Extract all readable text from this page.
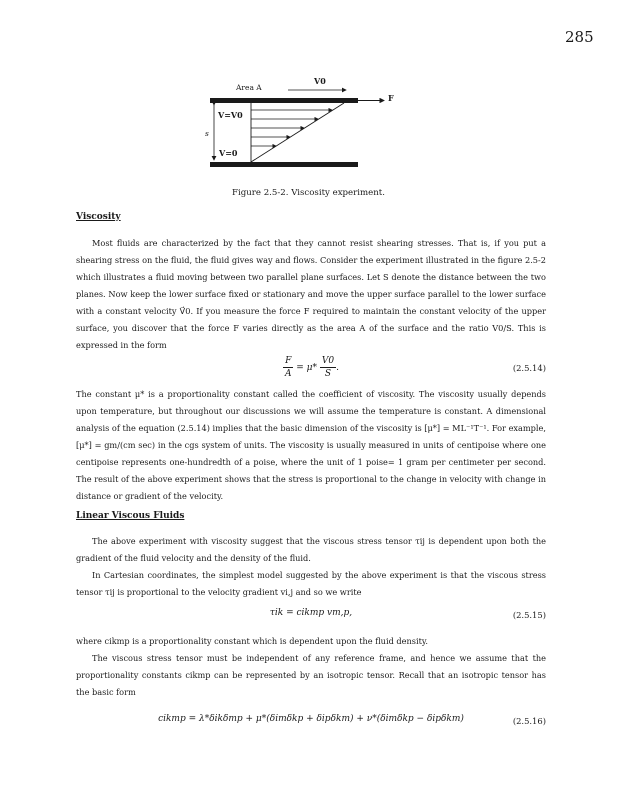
285
Area A
V0
F
V=V0
s
V=0
Figure 2.5-2. Viscosity experiment.
Viscosity
Most fluids are characterized by the fact that they cannot resist shearing stresses. That is, if you put a shearing stress on the fluid, the fluid gives way and flows. Consider the experiment illustrated in the figure 2.5-2 which illustrates a fluid moving between two parallel plane surfaces. Let S denote the distance between the two planes. Now keep the lower surface fixed or stationary and move the upper surface parallel to the lower surface with a constant velocity V⃗0. If you measure the force F required to maintain the constant velocity of the upper surface, you discover that the force F varies directly as the area A of the surface and the ratio V0/S. This is expressed in the form
$\frac{F}{A} = \mu* \frac{V0}{S}$ .	(2.5.14)
The constant μ* is a proportionality constant called the coefficient of viscosity. The viscosity usually depends upon temperature, but throughout our discussions we will assume the temperature is constant. A dimensional analysis of the equation (2.5.14) implies that the basic dimension of the viscosity is [μ*] = ML⁻¹T⁻¹. For example, [μ*] = gm/(cm sec) in the cgs system of units. The viscosity is usually measured in units of centipoise where one centipoise represents one-hundredth of a poise, where the unit of 1 poise= 1 gram per centimeter per second. The result of the above experiment shows that the stress is proportional to the change in velocity with change in distance or gradient of the velocity.
Linear Viscous Fluids
The above experiment with viscosity suggest that the viscous stress tensor τij is dependent upon both the gradient of the fluid velocity and the density of the fluid.
In Cartesian coordinates, the simplest model suggested by the above experiment is that the viscous stress tensor τij is proportional to the velocity gradient vi,j and so we write
τik = cikmp vm,p,	(2.5.15)
where cikmp is a proportionality constant which is dependent upon the fluid density.
The viscous stress tensor must be independent of any reference frame, and hence we assume that the proportionality constants cikmp can be represented by an isotropic tensor. Recall that an isotropic tensor has the basic form
cikmp = λ*δikδmp + μ*(δimδkp + δipδkm) + ν*(δimδkp − δipδkm)	(2.5.16)
